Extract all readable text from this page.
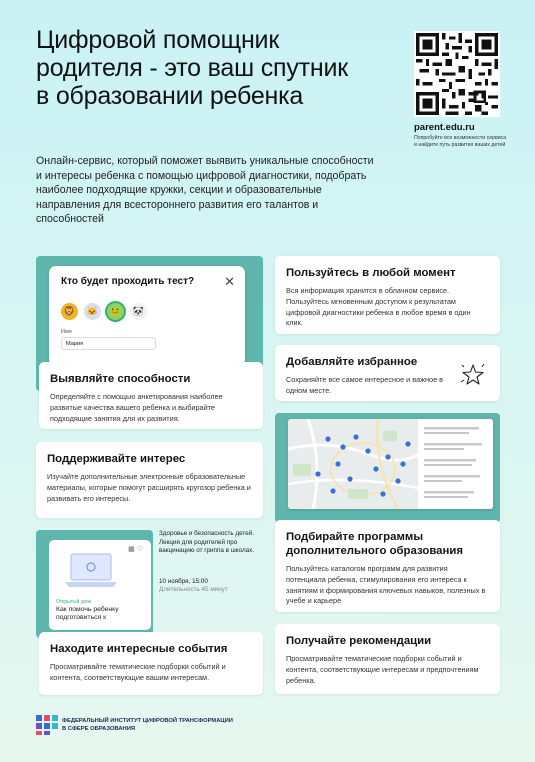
Цифровой помощник родителя - это ваш спутник в образовании ребенка
parent.edu.ru
Попробуйте все возможности сервиса и найдите путь развития ваших детей
Онлайн-сервис, который поможет выявить уникальные способности и интересы ребенка с помощью цифровой диагностики, подобрать наиболее подходящие кружки, секции и образовательные направления для всестороннего развития его талантов и способностей
Кто будет проходить тест?	✕
🦁	🐱	🐸	🐼
Имя
Мария
Выявляйте способности
Определяйте с помощью анкетирования наиболее развитые качества вашего ребенка и выбирайте подходящие занятия для их развития.
Поддерживайте интерес
Изучайте дополнительные электронные образовательные материалы, которые помогут расширять кругозор ребенка и развивать его интересы.
▦ ♡
Открытый урок
Как помочь ребенку подготовиться к
Здоровье и безопасность детей. Лекция для родителей про вакцинацию от гриппа в школах.
10 ноября, 15:00
Длительность 45 минут
Находите интересные события
Просматривайте тематические подборки событий и контента, соответствующие вашим интересам.
Пользуйтесь в любой момент
Вся информация хранится в облачном сервисе. Пользуйтесь мгновенным доступом к результатам цифровой диагностики ребенка в любое время в один клик.
Добавляйте избранное
Сохраняйте все самое интересное и важное в одном месте.
Подбирайте программы дополнительного образования
Пользуйтесь каталогом программ для развития потенциала ребенка, стимулирования его интереса к занятиям и формирования ключевых навыков, полезных в учебе и карьере
Получайте рекомендации
Просматривайте тематические подборки событий и контента, соответствующие интересам и предпочтениям ребенка.
ФЕДЕРАЛЬНЫЙ ИНСТИТУТ ЦИФРОВОЙ ТРАНСФОРМАЦИИ
В СФЕРЕ ОБРАЗОВАНИЯ
